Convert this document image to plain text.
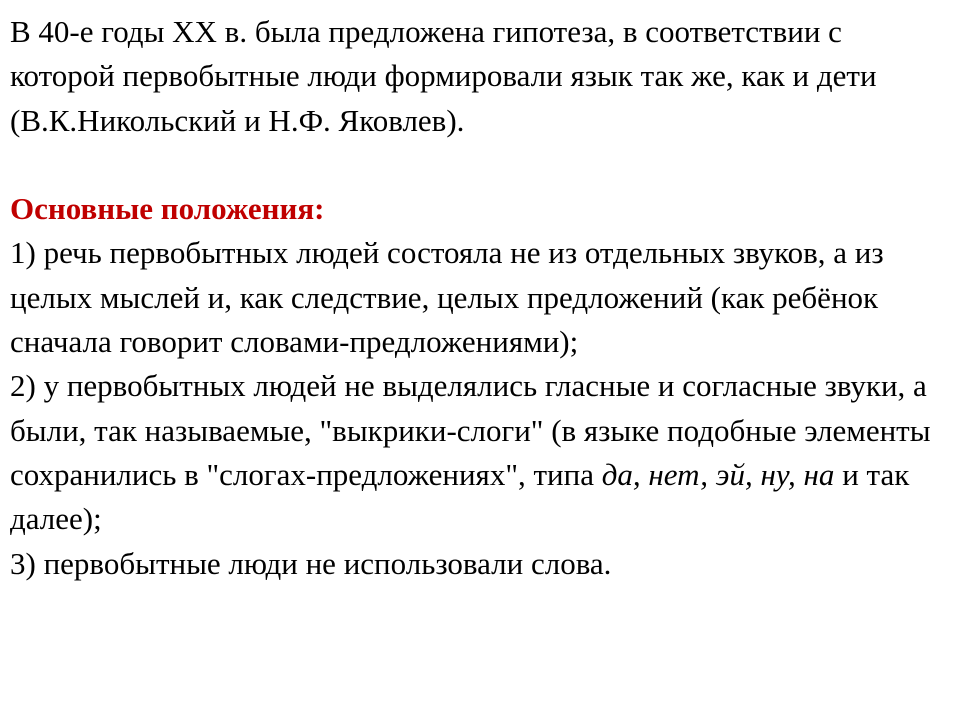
В 40-е годы XX в. была предложена гипотеза, в соответствии с которой первобытные люди формировали язык так же, как и дети (В.К.Никольский и Н.Ф. Яковлев).

Основные положения:

1) речь первобытных людей состояла не из отдельных звуков, а из целых мыслей и, как следствие, целых предложений (как ребёнок сначала говорит словами-предложениями);

2) у первобытных людей не выделялись гласные и согласные звуки, а были, так называемые, "выкрики-слоги" (в языке подобные элементы сохранились в "слогах-предложениях", типа да, нет, эй, ну, на и так далее);

3) первобытные люди не использовали слова.
